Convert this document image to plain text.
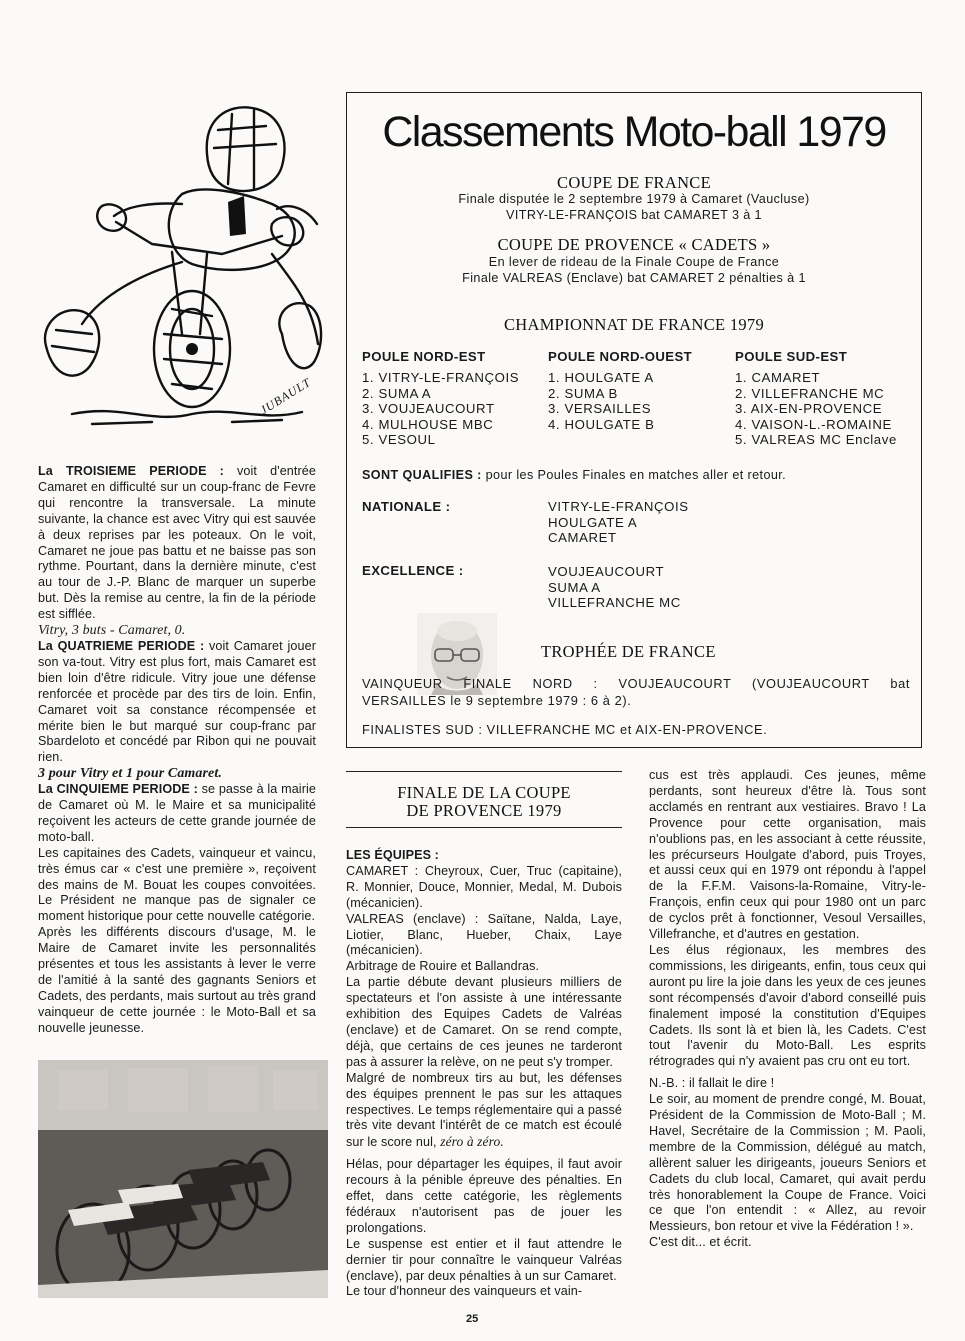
JUBAULT
Classements Moto-ball 1979
COUPE DE FRANCE
Finale disputée le 2 septembre 1979 à Camaret (Vaucluse)
VITRY-LE-FRANÇOIS bat CAMARET 3 à 1
COUPE DE PROVENCE « CADETS »
En lever de rideau de la Finale Coupe de France
Finale VALREAS (Enclave) bat CAMARET 2 pénalties à 1
CHAMPIONNAT DE FRANCE 1979
POULE NORD-EST
1. VITRY-LE-FRANÇOIS
2. SUMA A
3. VOUJEAUCOURT
4. MULHOUSE MBC
5. VESOUL
POULE NORD-OUEST
1. HOULGATE A
2. SUMA B
3. VERSAILLES
4. HOULGATE B
POULE SUD-EST
1. CAMARET
2. VILLEFRANCHE MC
3. AIX-EN-PROVENCE
4. VAISON-L.-ROMAINE
5. VALREAS MC Enclave
SONT QUALIFIES : pour les Poules Finales en matches aller et retour.
NATIONALE :	VITRY-LE-FRANÇOIS
HOULGATE A
CAMARET
EXCELLENCE :	VOUJEAUCOURT
SUMA A
VILLEFRANCHE MC
TROPHÉE DE FRANCE
VAINQUEUR FINALE NORD : VOUJEAUCOURT (VOUJEAUCOURT bat
VERSAILLES le 9 septembre 1979 : 6 à 2).
FINALISTES SUD : VILLEFRANCHE MC et AIX-EN-PROVENCE.

La TROISIEME PERIODE : voit d'entrée Camaret en difficulté sur un coup-franc de Fevre qui rencontre la transversale. La minute suivante, la chance est avec Vitry qui est sauvée à deux reprises par les poteaux. On le voit, Camaret ne joue pas battu et ne baisse pas son rythme. Pourtant, dans la dernière minute, c'est au tour de J.-P. Blanc de marquer un superbe but. Dès la remise au centre, la fin de la période est sifflée.

Vitry, 3 buts - Camaret, 0.

La QUATRIEME PERIODE : voit Camaret jouer son va-tout. Vitry est plus fort, mais Camaret est bien loin d'être ridicule. Vitry joue une défense renforcée et procède par des tirs de loin. Enfin, Camaret voit sa constance récompensée et mérite bien le but marqué sur coup-franc par Sbardeloto et concédé par Ribon qui ne pouvait rien.

3 pour Vitry et 1 pour Camaret.

La CINQUIEME PERIODE : se passe à la mairie de Camaret où M. le Maire et sa municipalité reçoivent les acteurs de cette grande journée de moto-ball.

Les capitaines des Cadets, vainqueur et vaincu, très émus car « c'est une première », reçoivent des mains de M. Bouat les coupes convoitées. Le Président ne manque pas de signaler ce moment historique pour cette nouvelle catégorie.

Après les différents discours d'usage, M. le Maire de Camaret invite les personnalités présentes et tous les assistants à lever le verre de l'amitié à la santé des gagnants Seniors et Cadets, des perdants, mais surtout au très grand vainqueur de cette journée : le Moto-Ball et sa nouvelle jeunesse.

FINALE DE LA COUPE
DE PROVENCE 1979

LES ÉQUIPES :

CAMARET : Cheyroux, Cuer, Truc (capitaine), R. Monnier, Douce, Monnier, Medal, M. Dubois (mécanicien).

VALREAS (enclave) : Saïtane, Nalda, Laye, Liotier, Blanc, Hueber, Chaix, Laye (mécanicien).

Arbitrage de Rouire et Ballandras.

La partie débute devant plusieurs milliers de spectateurs et l'on assiste à une intéressante exhibition des Equipes Cadets de Valréas (enclave) et de Camaret. On se rend compte, déjà, que certains de ces jeunes ne tarderont pas à assurer la relève, on ne peut s'y tromper.

Malgré de nombreux tirs au but, les défenses des équipes prennent le pas sur les attaques respectives. Le temps réglementaire qui a passé très vite devant l'intérêt de ce match est écoulé sur le score nul, zéro à zéro.

Hélas, pour départager les équipes, il faut avoir recours à la pénible épreuve des pénalties. En effet, dans cette catégorie, les règlements fédéraux n'autorisent pas de jouer les prolongations.

Le suspense est entier et il faut attendre le dernier tir pour connaître le vainqueur Valréas (enclave), par deux pénalties à un sur Camaret.

Le tour d'honneur des vainqueurs et vain-

cus est très applaudi. Ces jeunes, même perdants, sont heureux d'être là. Tous sont acclamés en rentrant aux vestiaires. Bravo ! La Provence pour cette organisation, mais n'oublions pas, en les associant à cette réussite, les précurseurs Houlgate d'abord, puis Troyes, et aussi ceux qui en 1979 ont répondu à l'appel de la F.F.M. Vaisons-la-Romaine, Vitry-le-François, enfin ceux qui pour 1980 ont un parc de cyclos prêt à fonctionner, Vesoul Versailles, Villefranche, et d'autres en gestation.

Les élus régionaux, les membres des commissions, les dirigeants, enfin, tous ceux qui auront pu lire la joie dans les yeux de ces jeunes sont récompensés d'avoir d'abord conseillé puis finalement imposé la constitution d'Equipes Cadets. Ils sont là et bien là, les Cadets. C'est tout l'avenir du Moto-Ball. Les esprits rétrogrades qui n'y avaient pas cru ont eu tort.

N.-B. : il fallait le dire !

Le soir, au moment de prendre congé, M. Bouat, Président de la Commission de Moto-Ball ; M. Havel, Secrétaire de la Commission ; M. Paoli, membre de la Commission, délégué au match, allèrent saluer les dirigeants, joueurs Seniors et Cadets du club local, Camaret, qui avait perdu très honorablement la Coupe de France. Voici ce que l'on entendit : « Allez, au revoir Messieurs, bon retour et vive la Fédération ! ».

C'est dit... et écrit.

25
